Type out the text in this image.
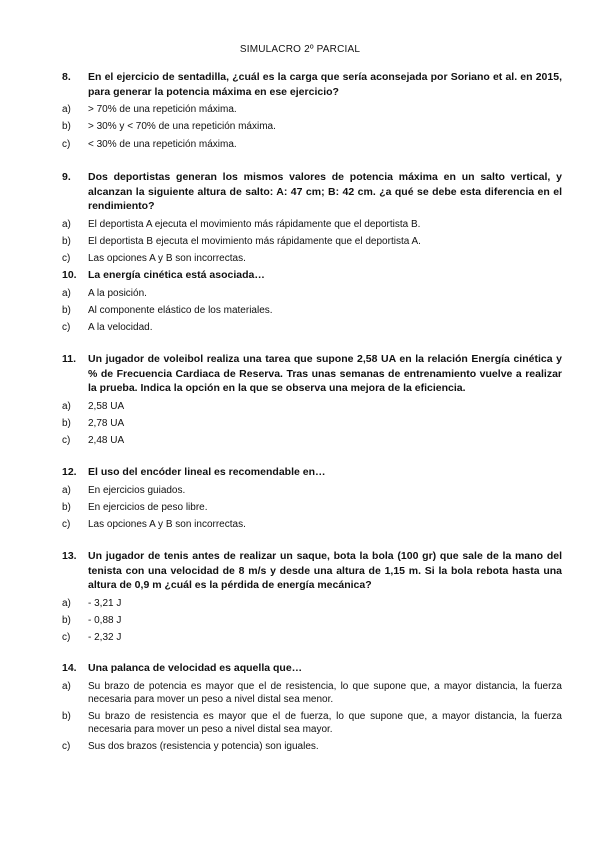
SIMULACRO 2º PARCIAL
8. En el ejercicio de sentadilla, ¿cuál es la carga que sería aconsejada por Soriano et al. en 2015, para generar la potencia máxima en ese ejercicio?
a) > 70% de una repetición máxima.
b) > 30% y < 70% de una repetición máxima.
c) < 30% de una repetición máxima.
9. Dos deportistas generan los mismos valores de potencia máxima en un salto vertical, y alcanzan la siguiente altura de salto: A: 47 cm; B: 42 cm. ¿a qué se debe esta diferencia en el rendimiento?
a) El deportista A ejecuta el movimiento más rápidamente que el deportista B.
b) El deportista B ejecuta el movimiento más rápidamente que el deportista A.
c) Las opciones A y B son incorrectas.
10. La energía cinética está asociada…
a) A la posición.
b) Al componente elástico de los materiales.
c) A la velocidad.
11. Un jugador de voleibol realiza una tarea que supone 2,58 UA en la relación Energía cinética y % de Frecuencia Cardiaca de Reserva. Tras unas semanas de entrenamiento vuelve a realizar la prueba. Indica la opción en la que se observa una mejora de la eficiencia.
a) 2,58 UA
b) 2,78 UA
c) 2,48 UA
12. El uso del encóder lineal es recomendable en…
a) En ejercicios guiados.
b) En ejercicios de peso libre.
c) Las opciones A y B son incorrectas.
13. Un jugador de tenis antes de realizar un saque, bota la bola (100 gr) que sale de la mano del tenista con una velocidad de 8 m/s y desde una altura de 1,15 m. Si la bola rebota hasta una altura de 0,9 m ¿cuál es la pérdida de energía mecánica?
a) - 3,21 J
b) - 0,88 J
c) - 2,32 J
14. Una palanca de velocidad es aquella que…
a) Su brazo de potencia es mayor que el de resistencia, lo que supone que, a mayor distancia, la fuerza necesaria para mover un peso a nivel distal sea menor.
b) Su brazo de resistencia es mayor que el de fuerza, lo que supone que, a mayor distancia, la fuerza necesaria para mover un peso a nivel distal sea mayor.
c) Sus dos brazos (resistencia y potencia) son iguales.
